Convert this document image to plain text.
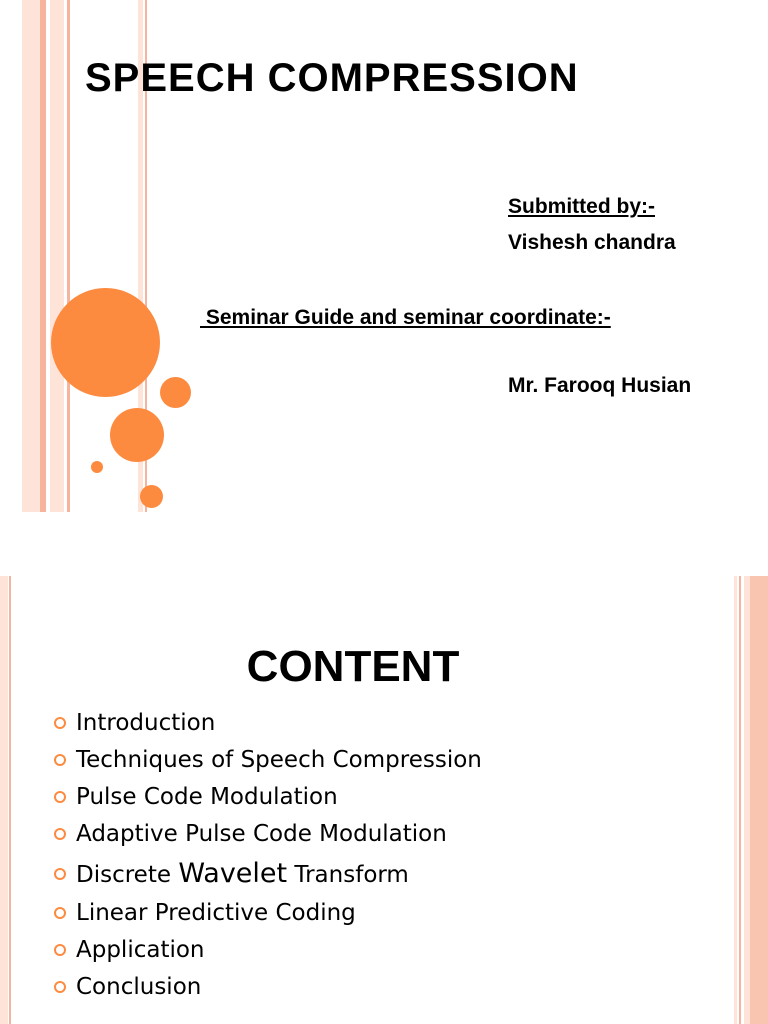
SPEECH COMPRESSION
Submitted by:-
Vishesh chandra
Seminar Guide and seminar coordinate:-
Mr. Farooq Husian
CONTENT
Introduction
Techniques of Speech Compression
Pulse Code Modulation
Adaptive Pulse Code Modulation
Discrete Wavelet Transform
Linear Predictive Coding
Application
Conclusion
